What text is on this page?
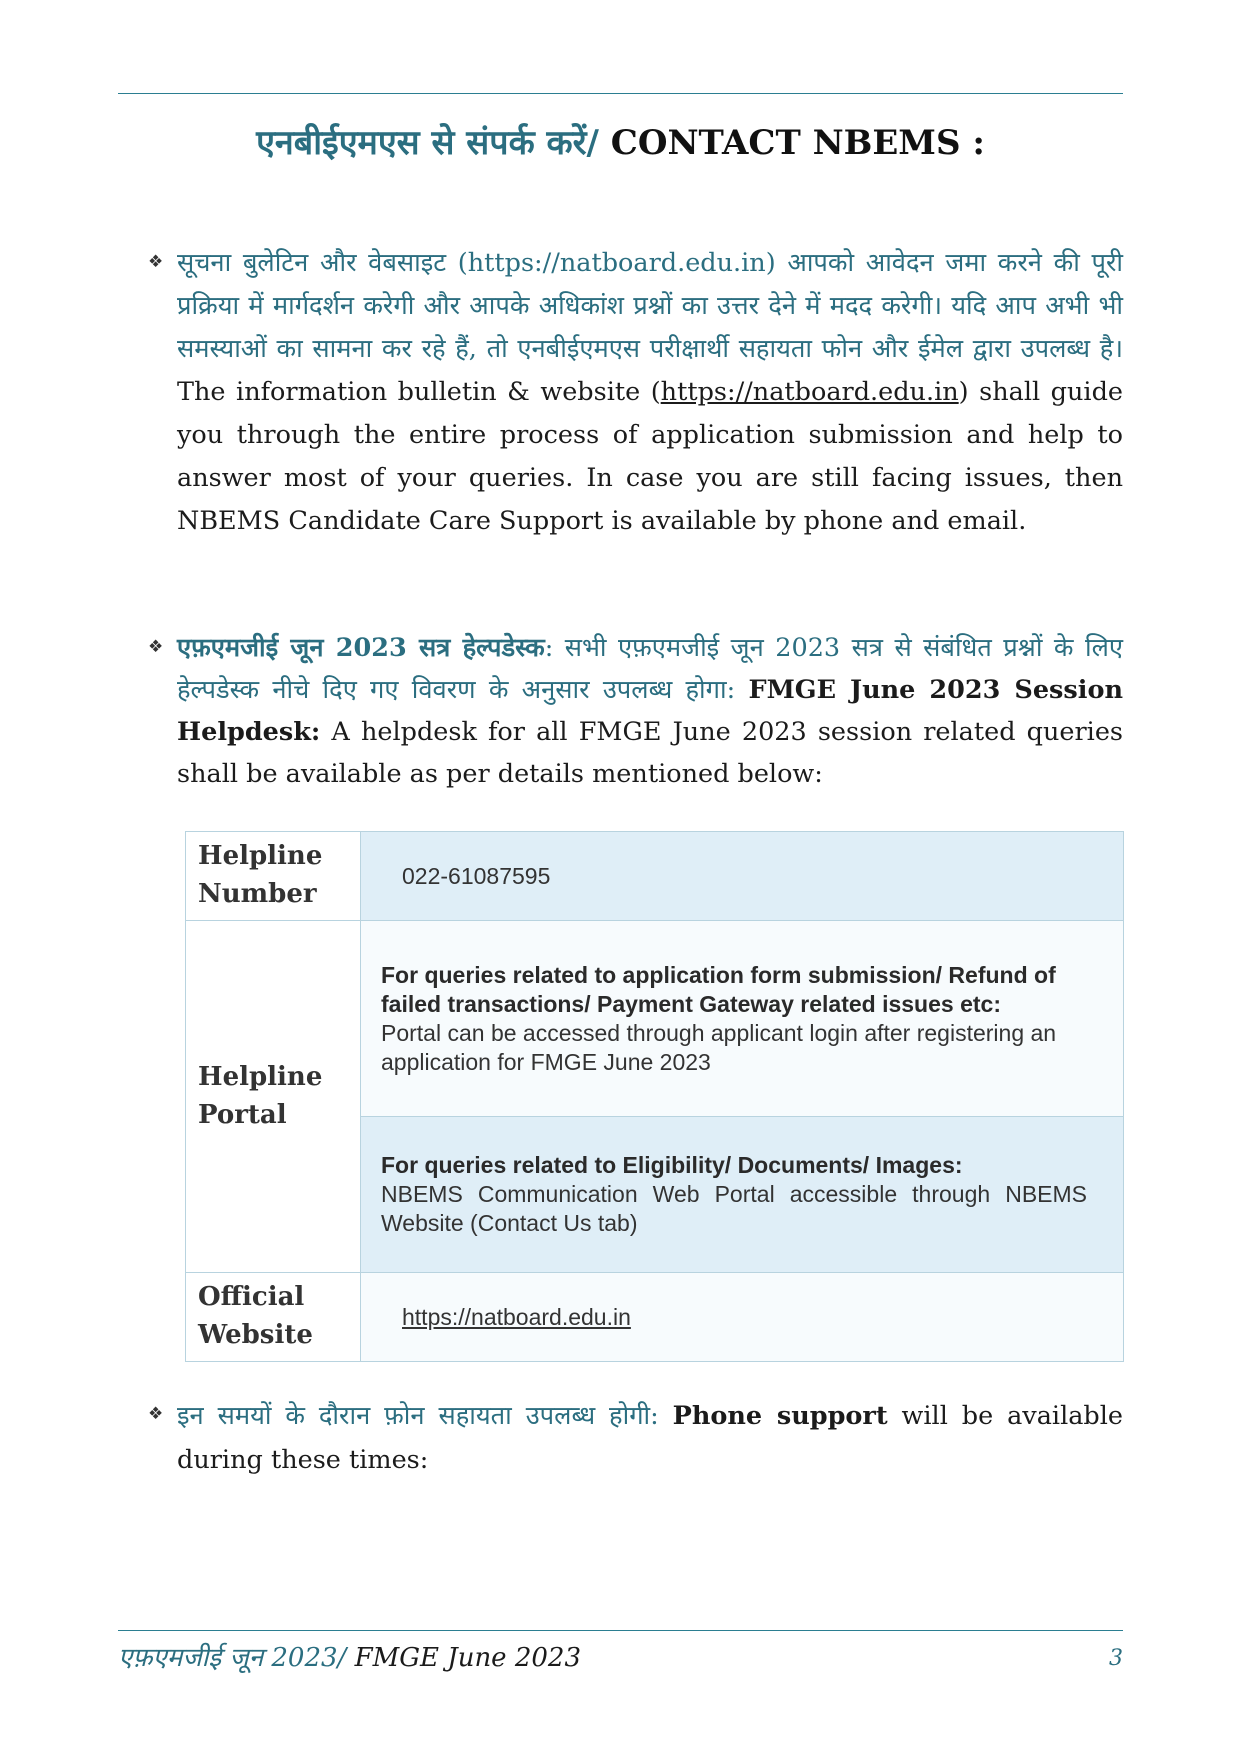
एनबीईएमएस से संपर्क करें/ CONTACT NBEMS :
❖ सूचना बुलेटिन और वेबसाइट (https://natboard.edu.in) आपको आवेदन जमा करने की पूरी प्रक्रिया में मार्गदर्शन करेगी और आपके अधिकांश प्रश्नों का उत्तर देने में मदद करेगी। यदि आप अभी भी समस्याओं का सामना कर रहे हैं, तो एनबीईएमएस परीक्षार्थी सहायता फोन और ईमेल द्वारा उपलब्ध है। The information bulletin & website (https://natboard.edu.in) shall guide you through the entire process of application submission and help to answer most of your queries. In case you are still facing issues, then NBEMS Candidate Care Support is available by phone and email.
❖ एफ़एमजीई जून 2023 सत्र हेल्पडेस्क: सभी एफ़एमजीई जून 2023 सत्र से संबंधित प्रश्नों के लिए हेल्पडेस्क नीचे दिए गए विवरण के अनुसार उपलब्ध होगा: FMGE June 2023 Session Helpdesk: A helpdesk for all FMGE June 2023 session related queries shall be available as per details mentioned below:
Helpline Number	022-61087595
Helpline Portal	For queries related to application form submission/ Refund of failed transactions/ Payment Gateway related issues etc:
Portal can be accessed through applicant login after registering an application for FMGE June 2023

	For queries related to Eligibility/ Documents/ Images:
NBEMS Communication Web Portal accessible through NBEMS Website (Contact Us tab)

Official Website	https://natboard.edu.in
❖ इन समयों के दौरान फ़ोन सहायता उपलब्ध होगी: Phone support will be available during these times:
एफ़एमजीई जून 2023/ FMGE June 2023	3
